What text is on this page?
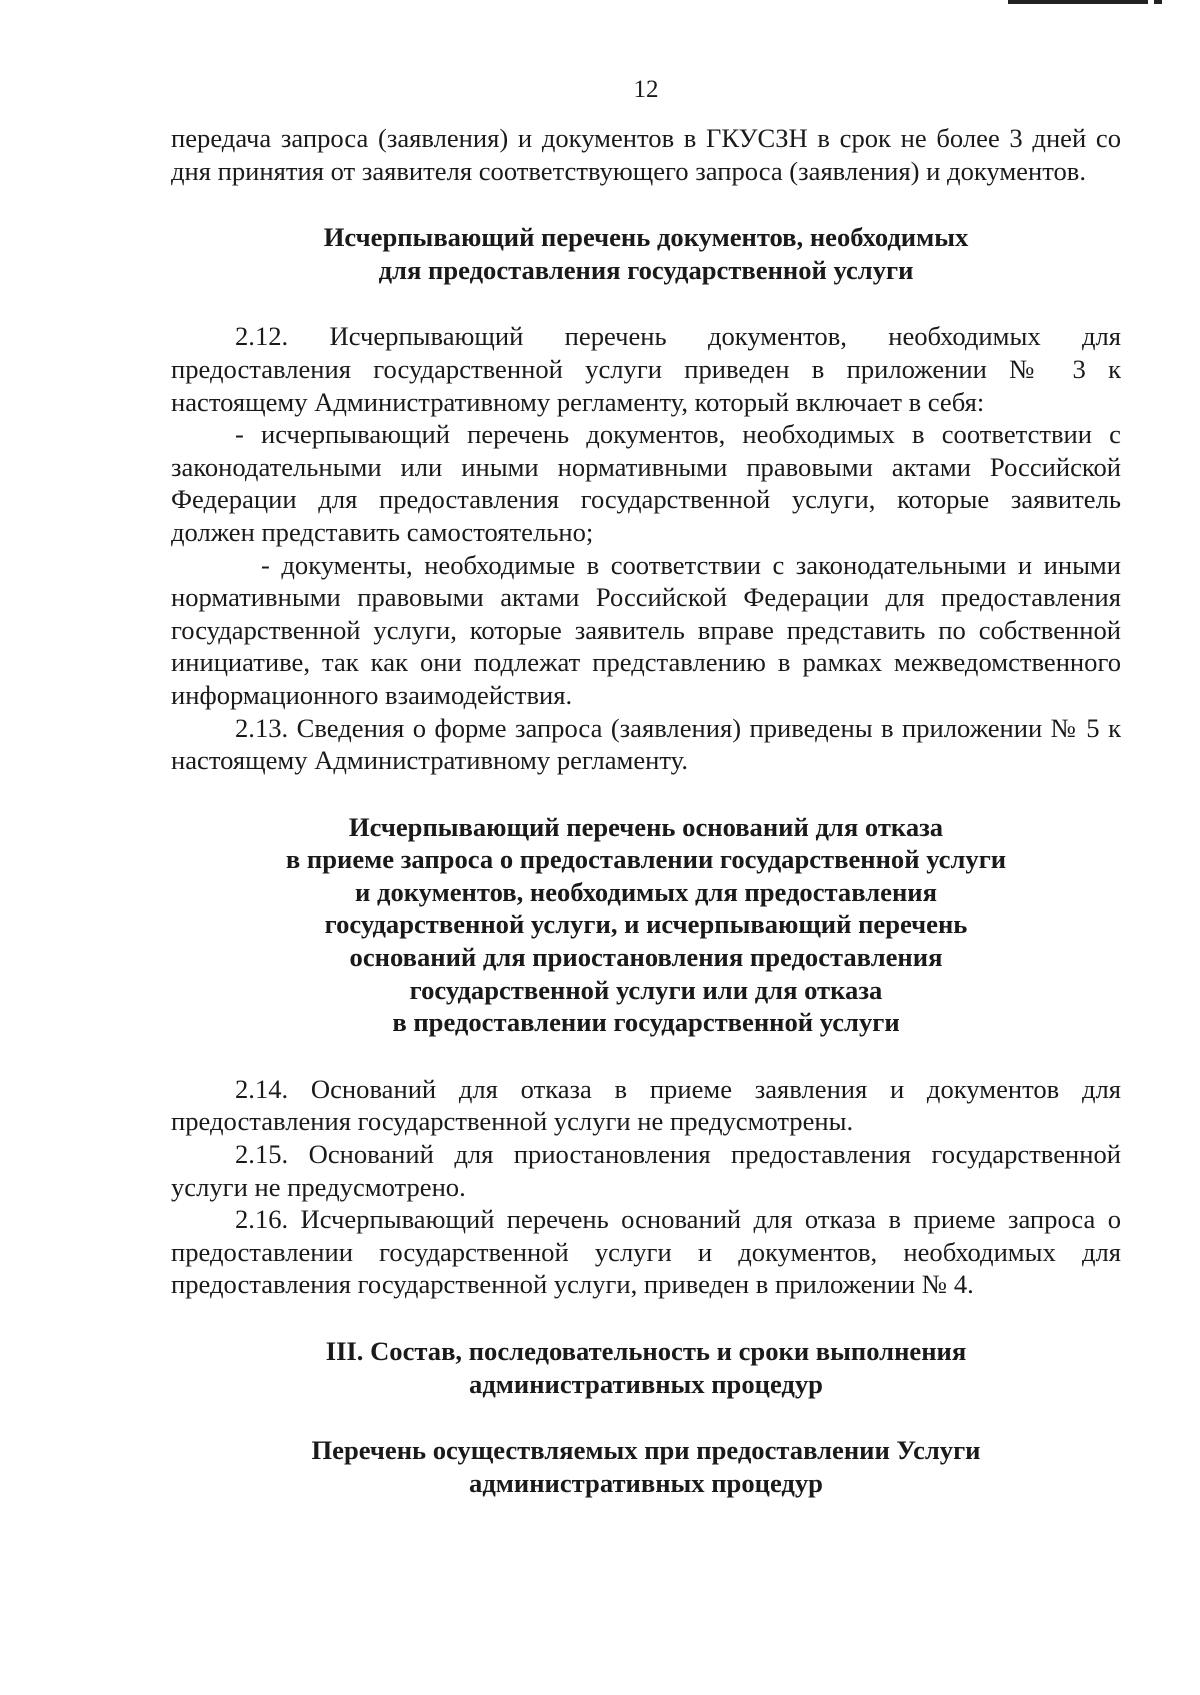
12

передача запроса (заявления) и документов в ГКУСЗН в срок не более 3 дней со дня принятия от заявителя соответствующего запроса (заявления) и документов.

Исчерпывающий перечень документов, необходимых

для предоставления государственной услуги

2.12. Исчерпывающий перечень документов, необходимых для предоставления государственной услуги приведен в приложении № 3 к настоящему Административному регламенту, который включает в себя:

- исчерпывающий перечень документов, необходимых в соответствии с законодательными или иными нормативными правовыми актами Российской Федерации для предоставления государственной услуги, которые заявитель должен представить самостоятельно;

- документы, необходимые в соответствии с законодательными и иными нормативными правовыми актами Российской Федерации для предоставления государственной услуги, которые заявитель вправе представить по собственной инициативе, так как они подлежат представлению в рамках межведомственного информационного взаимодействия.

2.13. Сведения о форме запроса (заявления) приведены в приложении № 5 к настоящему Административному регламенту.

Исчерпывающий перечень оснований для отказа

в приеме запроса о предоставлении государственной услуги

и документов, необходимых для предоставления

государственной услуги, и исчерпывающий перечень

оснований для приостановления предоставления

государственной услуги или для отказа

в предоставлении государственной услуги

2.14. Оснований для отказа в приеме заявления и документов для предоставления государственной услуги не предусмотрены.

2.15. Оснований для приостановления предоставления государственной услуги не предусмотрено.

2.16. Исчерпывающий перечень оснований для отказа в приеме запроса о предоставлении государственной услуги и документов, необходимых для предоставления государственной услуги, приведен в приложении № 4.

III. Состав, последовательность и сроки выполнения

административных процедур

Перечень осуществляемых при предоставлении Услуги

административных процедур
